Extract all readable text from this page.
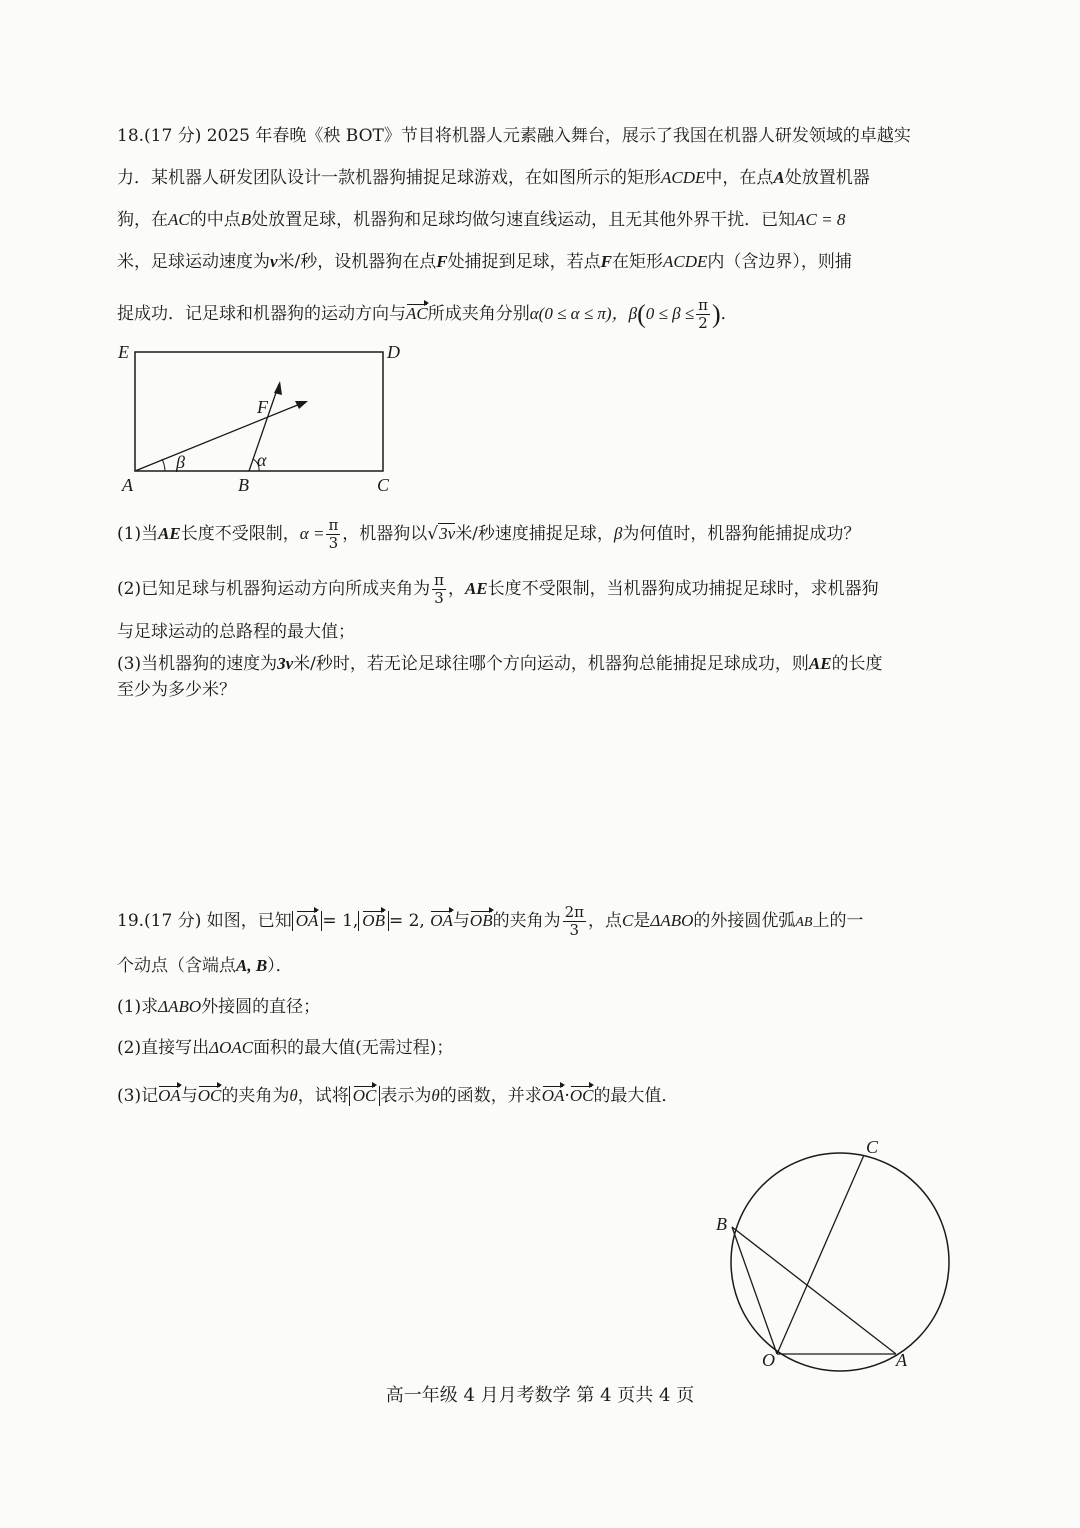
18.(17 分) 2025 年春晚《秧 BOT》节目将机器人元素融入舞台，展示了我国在机器人研发领域的卓越实
力．某机器人研发团队设计一款机器狗捕捉足球游戏，在如图所示的矩形ACDE中，在点A处放置机器
狗，在AC的中点B处放置足球，机器狗和足球均做匀速直线运动，且无其他外界干扰．已知AC = 8
米，足球运动速度为v米/秒，设机器狗在点F处捕捉到足球，若点F在矩形ACDE内（含边界），则捕
捉成功．记足球和机器狗的运动方向与AC所成夹角分别α(0 ≤ α ≤ π)，$\beta(0 \le \beta \le \frac{\pi}{2}$ )．
E	D
A	B	C
F
β	α
(1)当AE长度不受限制，$\alpha = \frac{\pi}{3}$ ，机器狗以√3v米/秒速度捕捉足球，β为何值时，机器狗能捕捉成功？
(2)已知足球与机器狗运动方向所成夹角为 $\frac{\pi}{3}$ ，AE长度不受限制，当机器狗成功捕捉足球时，求机器狗
与足球运动的总路程的最大值；
(3)当机器狗的速度为3v米/秒时，若无论足球往哪个方向运动，机器狗总能捕捉足球成功，则AE的长度
至少为多少米？
19.(17 分) 如图，已知 OA = 1, OB = 2, OA与OB的夹角为 $\frac{2\pi}{3}$ ，点C是ΔABO的外接圆优弧AB上的一
个动点（含端点A, B）．
(1)求ΔABO外接圆的直径；
(2)直接写出ΔOAC面积的最大值(无需过程)；
(3)记OA与OC的夹角为θ，试将 OC 表示为θ的函数，并求OA·OC的最大值．
C
B
O	A
高一年级 4 月月考数学 第 4 页共 4 页
